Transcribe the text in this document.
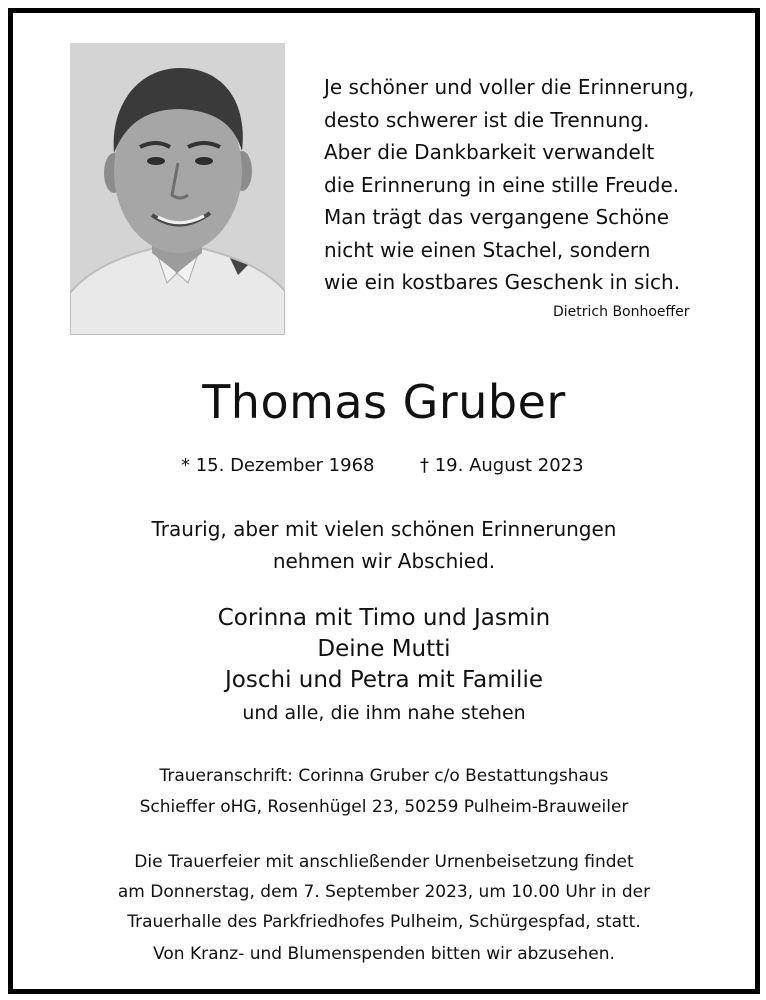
Je schöner und voller die Erinnerung,
desto schwerer ist die Trennung.
Aber die Dankbarkeit verwandelt
die Erinnerung in eine stille Freude.
Man trägt das vergangene Schöne
nicht wie einen Stachel, sondern
wie ein kostbares Geschenk in sich.
Dietrich Bonhoeffer
Thomas Gruber
* 15. Dezember 1968	† 19. August 2023
Traurig, aber mit vielen schönen Erinnerungen
nehmen wir Abschied.
Corinna mit Timo und Jasmin
Deine Mutti
Joschi und Petra mit Familie
und alle, die ihm nahe stehen
Traueranschrift: Corinna Gruber c/o Bestattungshaus
Schieffer oHG, Rosenhügel 23, 50259 Pulheim-Brauweiler
Die Trauerfeier mit anschließender Urnenbeisetzung findet
am Donnerstag, dem 7. September 2023, um 10.00 Uhr in der
Trauerhalle des Parkfriedhofes Pulheim, Schürgespfad, statt.
Von Kranz- und Blumenspenden bitten wir abzusehen.
